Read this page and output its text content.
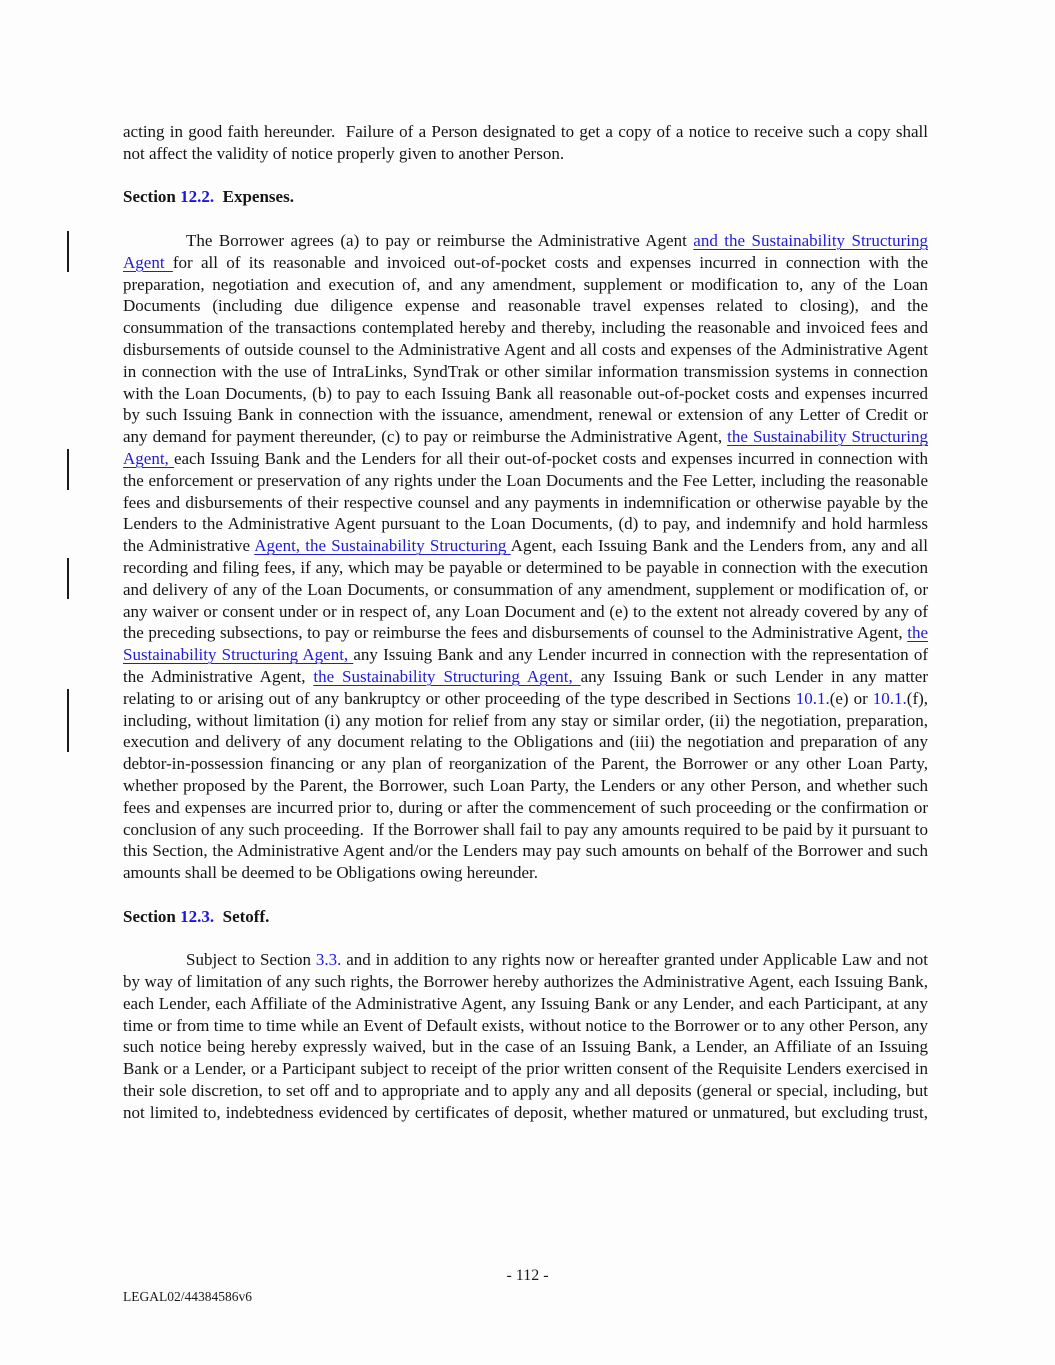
acting in good faith hereunder.  Failure of a Person designated to get a copy of a notice to receive such a copy shall not affect the validity of notice properly given to another Person.

Section 12.2.  Expenses.

The Borrower agrees (a) to pay or reimburse the Administrative Agent and the Sustainability Structuring Agent for all of its reasonable and invoiced out-of-pocket costs and expenses incurred in connection with the preparation, negotiation and execution of, and any amendment, supplement or modification to, any of the Loan Documents (including due diligence expense and reasonable travel expenses related to closing), and the consummation of the transactions contemplated hereby and thereby, including the reasonable and invoiced fees and disbursements of outside counsel to the Administrative Agent and all costs and expenses of the Administrative Agent in connection with the use of IntraLinks, SyndTrak or other similar information transmission systems in connection with the Loan Documents, (b) to pay to each Issuing Bank all reasonable out-of-pocket costs and expenses incurred by such Issuing Bank in connection with the issuance, amendment, renewal or extension of any Letter of Credit or any demand for payment thereunder, (c) to pay or reimburse the Administrative Agent, the Sustainability Structuring Agent, each Issuing Bank and the Lenders for all their out-of-pocket costs and expenses incurred in connection with the enforcement or preservation of any rights under the Loan Documents and the Fee Letter, including the reasonable fees and disbursements of their respective counsel and any payments in indemnification or otherwise payable by the Lenders to the Administrative Agent pursuant to the Loan Documents, (d) to pay, and indemnify and hold harmless the Administrative Agent, the Sustainability Structuring Agent, each Issuing Bank and the Lenders from, any and all recording and filing fees, if any, which may be payable or determined to be payable in connection with the execution and delivery of any of the Loan Documents, or consummation of any amendment, supplement or modification of, or any waiver or consent under or in respect of, any Loan Document and (e) to the extent not already covered by any of the preceding subsections, to pay or reimburse the fees and disbursements of counsel to the Administrative Agent, the Sustainability Structuring Agent, any Issuing Bank and any Lender incurred in connection with the representation of the Administrative Agent, the Sustainability Structuring Agent, any Issuing Bank or such Lender in any matter relating to or arising out of any bankruptcy or other proceeding of the type described in Sections 10.1.(e) or 10.1.(f), including, without limitation (i) any motion for relief from any stay or similar order, (ii) the negotiation, preparation, execution and delivery of any document relating to the Obligations and (iii) the negotiation and preparation of any debtor-in-possession financing or any plan of reorganization of the Parent, the Borrower or any other Loan Party, whether proposed by the Parent, the Borrower, such Loan Party, the Lenders or any other Person, and whether such fees and expenses are incurred prior to, during or after the commencement of such proceeding or the confirmation or conclusion of any such proceeding.  If the Borrower shall fail to pay any amounts required to be paid by it pursuant to this Section, the Administrative Agent and/or the Lenders may pay such amounts on behalf of the Borrower and such amounts shall be deemed to be Obligations owing hereunder.

Section 12.3.  Setoff.

Subject to Section 3.3. and in addition to any rights now or hereafter granted under Applicable Law and not by way of limitation of any such rights, the Borrower hereby authorizes the Administrative Agent, each Issuing Bank, each Lender, each Affiliate of the Administrative Agent, any Issuing Bank or any Lender, and each Participant, at any time or from time to time while an Event of Default exists, without notice to the Borrower or to any other Person, any such notice being hereby expressly waived, but in the case of an Issuing Bank, a Lender, an Affiliate of an Issuing Bank or a Lender, or a Participant subject to receipt of the prior written consent of the Requisite Lenders exercised in their sole discretion, to set off and to appropriate and to apply any and all deposits (general or special, including, but not limited to, indebtedness evidenced by certificates of deposit, whether matured or unmatured, but excluding trust,

- 112 -
LEGAL02/44384586v6
